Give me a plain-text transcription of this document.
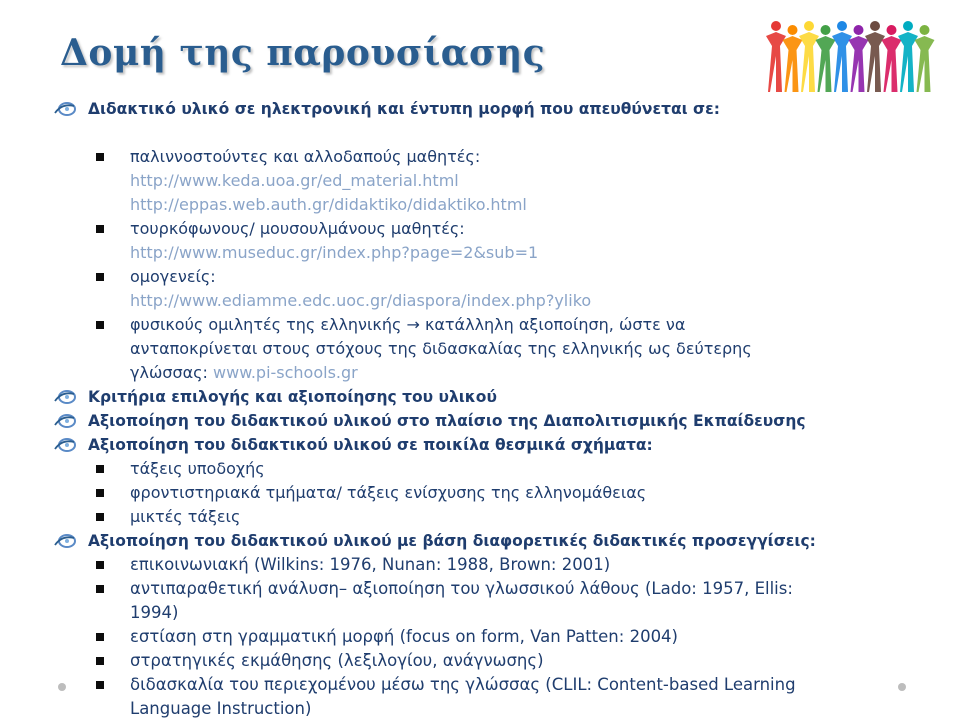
Δομή της παρουσίασης
Διδακτικό υλικό σε ηλεκτρονική και έντυπη μορφή που απευθύνεται σε:
παλιννοστούντες και αλλοδαπούς μαθητές:
http://www.keda.uoa.gr/ed_material.html
http://eppas.web.auth.gr/didaktiko/didaktiko.html
τουρκόφωνους/ μουσουλμάνους μαθητές:
http://www.museduc.gr/index.php?page=2&sub=1
ομογενείς:
http://www.ediamme.edc.uoc.gr/diaspora/index.php?yliko
φυσικούς ομιλητές της ελληνικής → κατάλληλη αξιοποίηση, ώστε να
ανταποκρίνεται στους στόχους της διδασκαλίας της ελληνικής ως δεύτερης
γλώσσας: www.pi-schools.gr
Κριτήρια επιλογής και αξιοποίησης του υλικού
Αξιοποίηση του διδακτικού υλικού στο πλαίσιο της Διαπολιτισμικής Εκπαίδευσης
Αξιοποίηση του διδακτικού υλικού σε ποικίλα θεσμικά σχήματα:
τάξεις υποδοχής
φροντιστηριακά τμήματα/ τάξεις ενίσχυσης της ελληνομάθειας
μικτές τάξεις
Αξιοποίηση του διδακτικού υλικού με βάση διαφορετικές διδακτικές προσεγγίσεις:
επικοινωνιακή (Wilkins: 1976, Nunan: 1988, Brown: 2001)
αντιπαραθετική ανάλυση– αξιοποίηση του γλωσσικού λάθους (Lado: 1957, Ellis:
1994)
εστίαση στη γραμματική μορφή (focus on form, Van Patten: 2004)
στρατηγικές εκμάθησης (λεξιλογίου, ανάγνωσης)
διδασκαλία του περιεχομένου μέσω της γλώσσας (CLIL: Content-based Learning
Language Instruction)
